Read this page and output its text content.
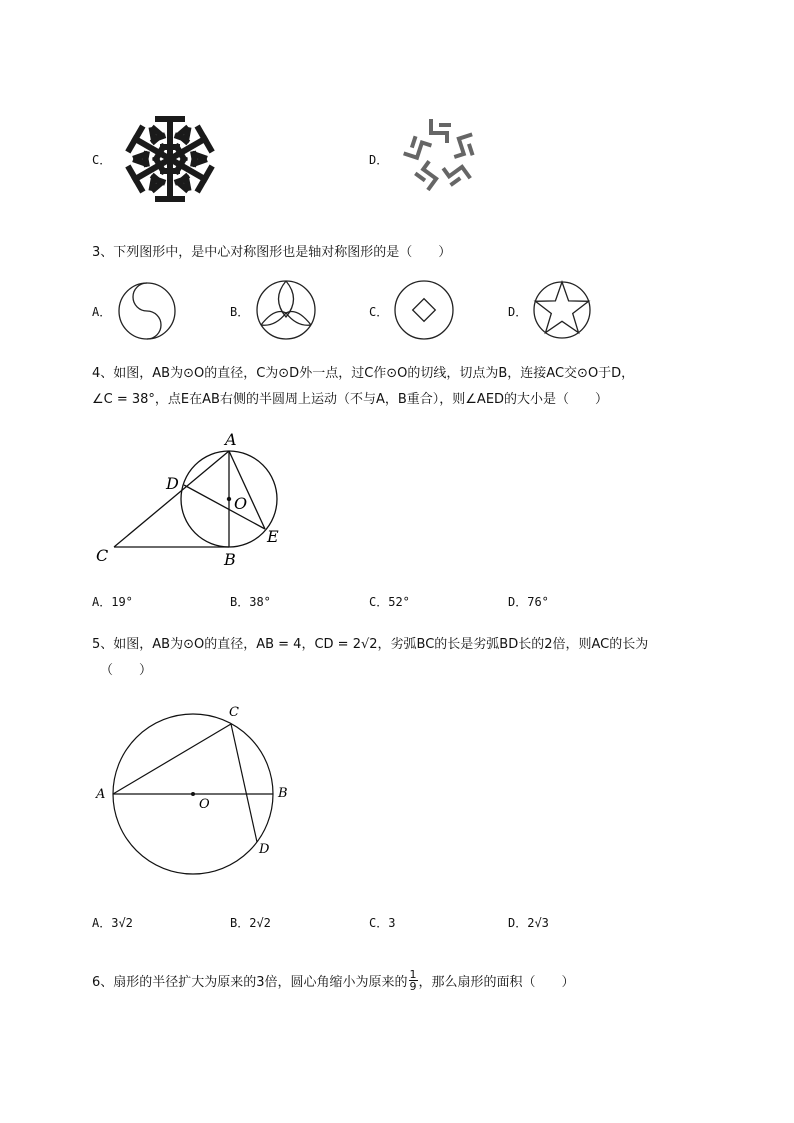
C．	D．
3、下列图形中，是中心对称图形也是轴对称图形的是（　　）
A．	B．	C．	D．
4、如图，AB为⊙O的直径，C为⊙D外一点，过C作⊙O的切线，切点为B，连接AC交⊙O于D，
∠C = 38°，点E在AB右侧的半圆周上运动（不与A，B重合），则∠AED的大小是（　　）
A
D
O
E
C	B
A．19°	B．38°	C．52°	D．76°
5、如图，AB为⊙O的直径，AB = 4，CD = 2√2，劣弧BC的长是劣弧BD长的2倍，则AC的长为
（　　）
A	B
C
D
O
A．3√2	B．2√2	C．3	D．2√3
6、扇形的半径扩大为原来的3倍，圆心角缩小为原来的 $\frac{1}{9}$ ，那么扇形的面积（　　）
